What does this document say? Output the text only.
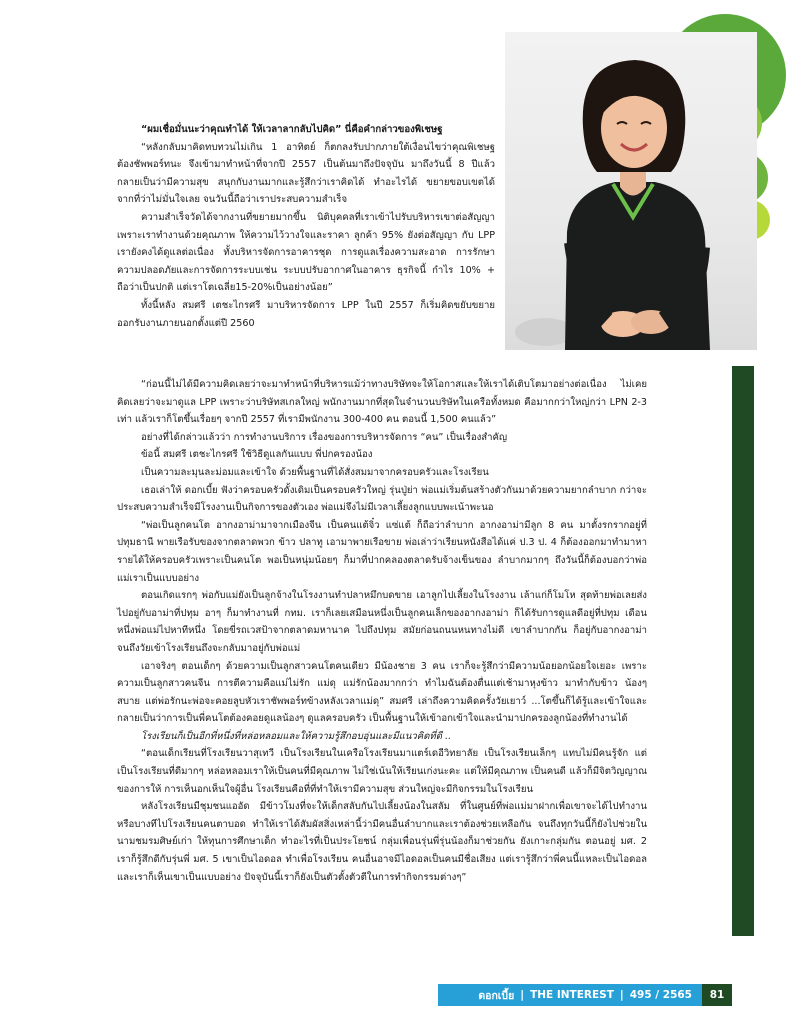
“ผมเชื่อมั่นนะว่าคุณทำได้ ให้เวลาลากลับไปคิด” นี่คือคำกล่าวของพิเชษฐ

“หลังกลับมาคิดทบทวนไม่เกิน 1 อาทิตย์ ก็ตกลงรับปากภายใต้เงื่อนไขว่าคุณพิเชษฐ ต้องชัพพอร์ทนะ จึงเข้ามาทำหน้าที่จากปี 2557 เป็นต้นมาถึงปัจจุบัน มาถึงวันนี้ 8 ปีแล้ว กลายเป็นว่ามีความสุข สนุกกับงานมากและรู้สึกว่าเราคิดได้ ทำอะไรได้ ขยายขอบเขตได้ จากที่ว่าไม่มั่นใจเลย จนวันนี้ถือว่าเราประสบความสำเร็จ

ความสำเร็จวัดได้จากงานที่ขยายมากขึ้น นิติบุคคลที่เราเข้าไปรับบริหารเขาต่อสัญญา เพราะเราทำงานด้วยคุณภาพ ให้ความไว้วางใจและราคา ลูกค้า 95% ยังต่อสัญญา กับ LPP เรายังคงได้ดูแลต่อเนื่อง ทั้งบริหารจัดการอาคารชุด การดูแลเรื่องความสะอาด การรักษาความปลอดภัยและการจัดการระบบเช่น ระบบปรับอากาศในอาคาร ธุรกิจนี้ กำไร 10% + ถือว่าเป็นปกติ แต่เราโตเฉลี่ย15-20%เป็นอย่างน้อย”

ทั้งนี้หลัง สมศรี เตชะไกรศรี มาบริหารจัดการ LPP ในปี 2557 ก็เริ่มคิดขยับขยาย ออกรับงานภายนอกตั้งแต่ปี 2560

“ก่อนนี้ไม่ได้มีความคิดเลยว่าจะมาทำหน้าที่บริหารแม้ว่าทางบริษัทจะให้โอกาสและให้เราได้เติบโตมาอย่างต่อเนื่อง ไม่เคยคิดเลยว่าจะมาดูแล LPP เพราะว่าบริษัทสเกลใหญ่ พนักงานมากที่สุดในจำนวนบริษัทในเครือทั้งหมด คือมากกว่าใหญ่กว่า LPN 2-3 เท่า แล้วเราก็โตขึ้นเรื่อยๆ จากปี 2557 ที่เรามีพนักงาน 300-400 คน ตอนนี้ 1,500 คนแล้ว”

อย่างที่ได้กล่าวแล้วว่า การทำงานบริการ เรื่องของการบริหารจัดการ “คน” เป็นเรื่องสำคัญ

ข้อนี้ สมศรี เตชะไกรศรี ใช้วิธีดูแลกันแบบ พี่ปกครองน้อง

เป็นความละมุนละม่อมและเข้าใจ ด้วยพื้นฐานที่ได้สั่งสมมาจากครอบครัวและโรงเรียน

เธอเล่าให้ ดอกเบี้ย ฟังว่าครอบครัวดั้งเดิมเป็นครอบครัวใหญ่ รุ่นปู่ย่า พ่อแม่เริ่มต้นสร้างตัวกันมาด้วยความยากลำบาก กว่าจะประสบความสำเร็จมีโรงงานเป็นกิจการของตัวเอง พ่อแม่จึงไม่มีเวลาเลี้ยงลูกแบบพะเน้าพะนอ

“พ่อเป็นลูกคนโต อากงอาม่ามาจากเมืองจีน เป็นคนแต้จิ๋ว แซ่แต้ ก็ถือว่าลำบาก อากงอาม่ามีลูก 8 คน มาตั้งรกรากอยู่ที่ปทุมธานี พายเรือรับของจากตลาดพวก ข้าว ปลาทู เอามาพายเรือขาย พ่อเล่าว่าเรียนหนังสือได้แค่ ป.3 ป. 4 ก็ต้องออกมาทำมาหารายได้ให้ครอบครัวเพราะเป็นคนโต พอเป็นหนุ่มน้อยๆ ก็มาที่ปากคลองตลาดรับจ้างเข็นของ ลำบากมากๆ ถึงวันนี้ก็ต้องบอกว่าพ่อแม่เราเป็นแบบอย่าง

ตอนเกิดแรกๆ พ่อกับแม่ยังเป็นลูกจ้างในโรงงานทำปลาหมึกบดขาย เอาลูกไปเลี้ยงในโรงงาน เล้าแก่ก็โมโห สุดท้ายพ่อเลยส่งไปอยู่กับอาม่าที่ปทุม อาๆ ก็มาทำงานที่ กทม. เราก็เลยเสมือนหนึ่งเป็นลูกคนเล็กของอากงอาม่า ก็ได้รับการดูแลดีอยู่ที่ปทุม เดือนหนึ่งพ่อแม่ไปหาทีหนึ่ง โดยขี่รถเวสป้าจากตลาดมหานาค ไปถึงปทุม สมัยก่อนถนนหนทางไม่ดี เขาลำบากกัน ก็อยู่กับอากงอาม่าจนถึงวัยเข้าโรงเรียนถึงจะกลับมาอยู่กับพ่อแม่

เอาจริงๆ ตอนเด็กๆ ด้วยความเป็นลูกสาวคนโตคนเดียว มีน้องชาย 3 คน เราก็จะรู้สึกว่ามีความน้อยอกน้อยใจเยอะ เพราะความเป็นลูกสาวคนจีน การตีความคือแม่ไม่รัก แม่ดุ แม่รักน้องมากกว่า ทำไมฉันต้องตื่นแต่เช้ามาหุงข้าว มาทำกับข้าว น้องๆ สบาย แต่พ่อรักนะพ่อจะคอยลูบหัวเราชัพพอร์ทข้างหลังเวลาแม่ดุ” สมศรี เล่าถึงความคิดครั้งวัยเยาว์ ...โตขึ้นก็ได้รู้และเข้าใจและกลายเป็นว่าการเป็นพี่คนโตต้องคอยดูแลน้องๆ ดูแลครอบครัว เป็นพื้นฐานให้เข้าอกเข้าใจและนำมาปกครองลูกน้องที่ทำงานได้

โรงเรียนก็เป็นอีกที่หนึ่งที่หล่อหลอมและให้ความรู้สึกอบอุ่นและมีแนวคิดที่ดี ..

“ตอนเด็กเรียนที่โรงเรียนวาสุเทวี เป็นโรงเรียนในเครือโรงเรียนมาแตร์เดอีวิทยาลัย เป็นโรงเรียนเล็กๆ แทบไม่มีคนรู้จัก แต่เป็นโรงเรียนที่ดีมากๆ หล่อหลอมเราให้เป็นคนที่มีคุณภาพ ไม่ใช่เน้นให้เรียนเก่งนะคะ แต่ให้มีคุณภาพ เป็นคนดี แล้วก็มีจิตวิญญาณของการให้ การเห็นอกเห็นใจผู้อื่น โรงเรียนคือที่ที่ทำให้เรามีความสุข ส่วนใหญ่จะมีกิจกรรมในโรงเรียน

หลังโรงเรียนมีชุมชนแออัด มีข้าวโมงที่จะให้เด็กสลับกันไปเลี้ยงน้องในสลัม ที่ในศูนย์ที่พ่อแม่มาฝากเพื่อเขาจะได้ไปทำงาน หรือบางทีไปโรงเรียนคนตาบอด ทำให้เราได้สัมผัสสิ่งเหล่านี้ว่ามีคนอื่นลำบากและเราต้องช่วยเหลือกัน จนถึงทุกวันนี้ก็ยังไปช่วยในนามชมรมศิษย์เก่า ให้ทุนการศึกษาเด็ก ทำอะไรที่เป็นประโยชน์ กลุ่มเพื่อนรุ่นพี่รุ่นน้องก็มาช่วยกัน ยังเกาะกลุ่มกัน ตอนอยู่ มศ. 2 เราก็รู้สึกดีกับรุ่นพี่ มศ. 5 เขาเป็นไอดอล ทำเพื่อโรงเรียน คนอื่นอาจมีไอดอลเป็นคนมีชื่อเสียง แต่เรารู้สึกว่าพี่คนนี้แหละเป็นไอดอล และเราก็เห็นเขาเป็นแบบอย่าง ปัจจุบันนี้เราก็ยังเป็นตัวตั้งตัวตีในการทำกิจกรรมต่างๆ”

ดอกเบี้ย | THE INTEREST | 495 / 2565	81
